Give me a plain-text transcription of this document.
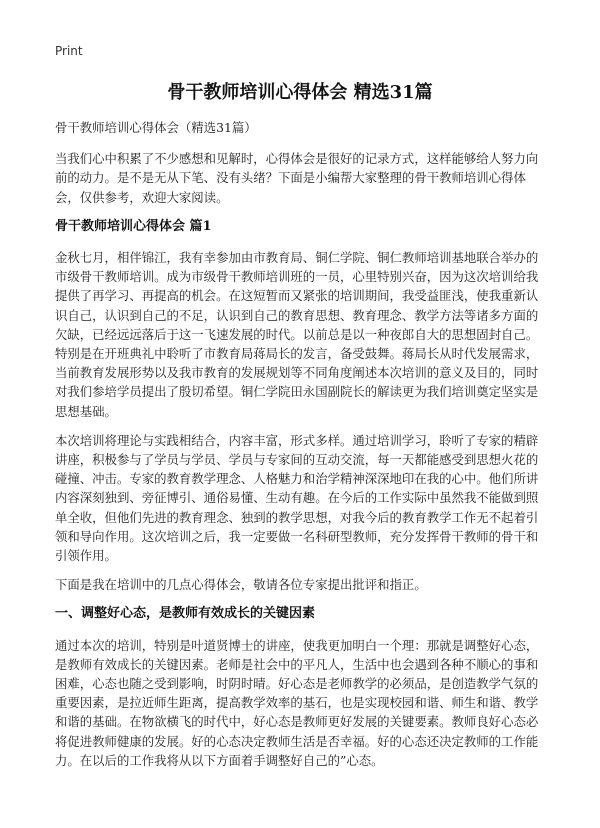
Print
骨干教师培训心得体会 精选31篇

骨干教师培训心得体会（精选31篇）

当我们心中积累了不少感想和见解时，心得体会是很好的记录方式，这样能够给人努力向前的动力。是不是无从下笔、没有头绪？下面是小编帮大家整理的骨干教师培训心得体会，仅供参考，欢迎大家阅读。

骨干教师培训心得体会 篇1

金秋七月，相伴锦江，我有幸参加由市教育局、铜仁学院、铜仁教师培训基地联合举办的市级骨干教师培训。成为市级骨干教师培训班的一员，心里特别兴奋，因为这次培训给我提供了再学习、再提高的机会。在这短暂而又紧张的培训期间，我受益匪浅，使我重新认识自己，认识到自己的不足，认识到自己的教育思想、教育理念、教学方法等诸多方面的欠缺，已经远远落后于这一飞速发展的时代。以前总是以一种夜郎自大的思想固封自己。特别是在开班典礼中聆听了市教育局蒋局长的发言，备受鼓舞。蒋局长从时代发展需求，当前教育发展形势以及我市教育的发展规划等不同角度阐述本次培训的意义及目的，同时对我们参培学员提出了殷切希望。铜仁学院田永国副院长的解读更为我们培训奠定坚实是思想基础。

本次培训将理论与实践相结合，内容丰富，形式多样。通过培训学习，聆听了专家的精辟讲座，积极参与了学员与学员、学员与专家间的互动交流，每一天都能感受到思想火花的碰撞、冲击。专家的教育教学理念、人格魅力和治学精神深深地印在我的心中。他们所讲内容深刻独到、旁征博引、通俗易懂、生动有趣。在今后的工作实际中虽然我不能做到照单全收，但他们先进的教育理念、独到的教学思想，对我今后的教育教学工作无不起着引领和导向作用。这次培训之后，我一定要做一名科研型教师，充分发挥骨干教师的骨干和引领作用。

下面是我在培训中的几点心得体会，敬请各位专家提出批评和指正。

一、调整好心态，是教师有效成长的关键因素

通过本次的培训，特别是叶道贤博士的讲座，使我更加明白一个理：那就是调整好心态，是教师有效成长的关键因素。老师是社会中的平凡人，生活中也会遇到各种不顺心的事和困难，心态也随之受到影响，时阴时晴。好心态是老师教学的必须品，是创造教学气氛的重要因素，是拉近师生距离，提高教学效率的基石，也是实现校园和谐、师生和谐、教学和谐的基础。在物欲横飞的时代中，好心态是教师更好发展的关键要素。教师良好心态必将促进教师健康的发展。好的心态决定教师生活是否幸福。好的心态还决定教师的工作能力。在以后的工作我将从以下方面着手调整好自己的”心态。
